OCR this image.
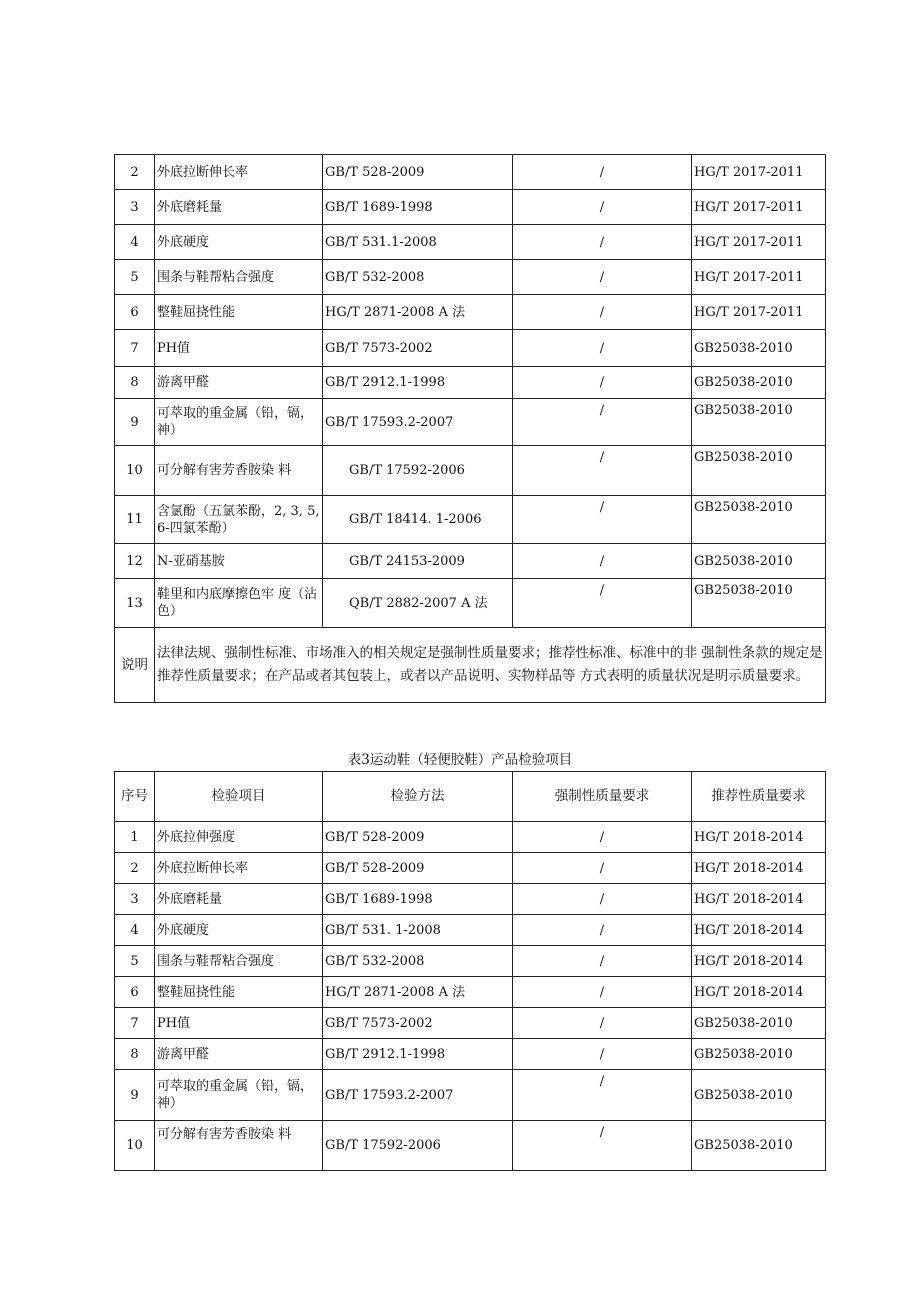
2	外底拉断伸长率	GB/T 528-2009	/	HG/T 2017-2011
3	外底磨耗量	GB/T 1689-1998	/	HG/T 2017-2011
4	外底硬度	GB/T 531.1-2008	/	HG/T 2017-2011
5	围条与鞋帮粘合强度	GB/T 532-2008	/	HG/T 2017-2011
6	整鞋屈挠性能	HG/T 2871-2008 A 法	/	HG/T 2017-2011
7	PH值	GB/T 7573-2002	/	GB25038-2010
8	游离甲醛	GB/T 2912.1-1998	/	GB25038-2010
9	可萃取的重金属（铅，镉，神）	GB/T 17593.2-2007	/	GB25038-2010
10	可分解有害芳香胺染 料	GB/T 17592-2006	/	GB25038-2010
11	含氯酚（五氯苯酚，2, 3, 5, 6-四氯苯酚）	GB/T 18414. 1-2006	/	GB25038-2010
12	N-亚硝基胺	GB/T 24153-2009	/	GB25038-2010
13	鞋里和内底摩擦色牢 度（沾色）	QB/T 2882-2007 A 法	/	GB25038-2010
说明	法律法规、强制性标准、市场准入的相关规定是强制性质量要求；推荐性标准、标准中的非 强制性条款的规定是推荐性质量要求；在产品或者其包装上，或者以产品说明、实物样品等 方式表明的质量状况是明示质量要求。			
表3运动鞋（轻便胶鞋）产品检验项目
序号	检验项目	检验方法	强制性质量要求	推荐性质量要求
1	外底拉伸强度	GB/T 528-2009	/	HG/T 2018-2014
2	外底拉断伸长率	GB/T 528-2009	/	HG/T 2018-2014
3	外底磨耗量	GB/T 1689-1998	/	HG/T 2018-2014
4	外底硬度	GB/T 531. 1-2008	/	HG/T 2018-2014
5	围条与鞋帮粘合强度	GB/T 532-2008	/	HG/T 2018-2014
6	整鞋屈挠性能	HG/T 2871-2008 A 法	/	HG/T 2018-2014
7	PH值	GB/T 7573-2002	/	GB25038-2010
8	游离甲醛	GB/T 2912.1-1998	/	GB25038-2010
9	可萃取的重金属（铅，镉，神）	GB/T 17593.2-2007	/	GB25038-2010
10	可分解有害芳香胺染 料	GB/T 17592-2006	/	GB25038-2010
